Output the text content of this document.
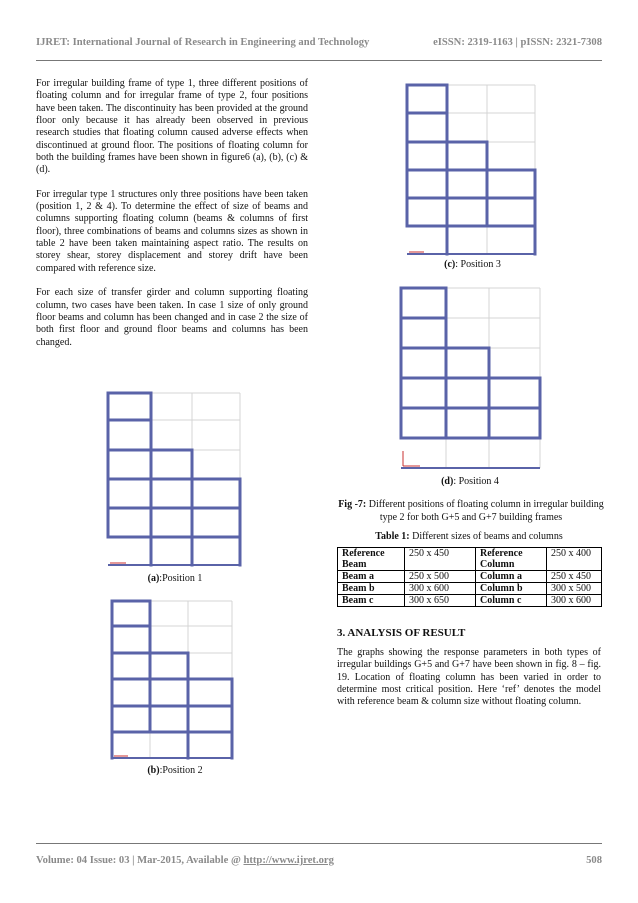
IJRET: International Journal of Research in Engineering and Technology	eISSN: 2319-1163 | pISSN: 2321-7308

For irregular building frame of type 1, three different positions of floating column and for irregular frame of type 2, four positions have been taken. The discontinuity has been provided at the ground floor only because it has already been observed in previous research studies that floating column caused adverse effects when discontinued at ground floor. The positions of floating column for both the building frames have been shown in figure6 (a), (b), (c) & (d).

For irregular type 1 structures only three positions have been taken (position 1, 2 & 4). To determine the effect of size of beams and columns supporting floating column (beams & columns of first floor), three combinations of beams and columns sizes as shown in table 2 have been taken maintaining aspect ratio. The results on storey shear, storey displacement and storey drift have been compared with reference size.

For each size of transfer girder and column supporting floating column, two cases have been taken. In case 1 size of only ground floor beams and column has been changed and in case 2 the size of both first floor and ground floor beams and columns has been changed.

(a):Position 1
(b):Position 2
(c): Position 3
(d): Position 4
Fig -7: Different positions of floating column in irregular building type 2 for both G+5 and G+7 building frames
Table 1: Different sizes of beams and columns
Reference Beam	250 x 450	Reference Column	250 x 400
Beam a	250 x 500	Column a	250 x 450
Beam b	300 x 600	Column b	300 x 500
Beam c	300 x 650	Column c	300 x 600
3. ANALYSIS OF RESULT

The graphs showing the response parameters in both types of irregular buildings G+5 and G+7 have been shown in fig. 8 – fig. 19. Location of floating column has been varied in order to determine most critical position. Here ‘ref’ denotes the model with reference beam & column size without floating column.

Volume: 04 Issue: 03 | Mar-2015, Available @ http://www.ijret.org	508
